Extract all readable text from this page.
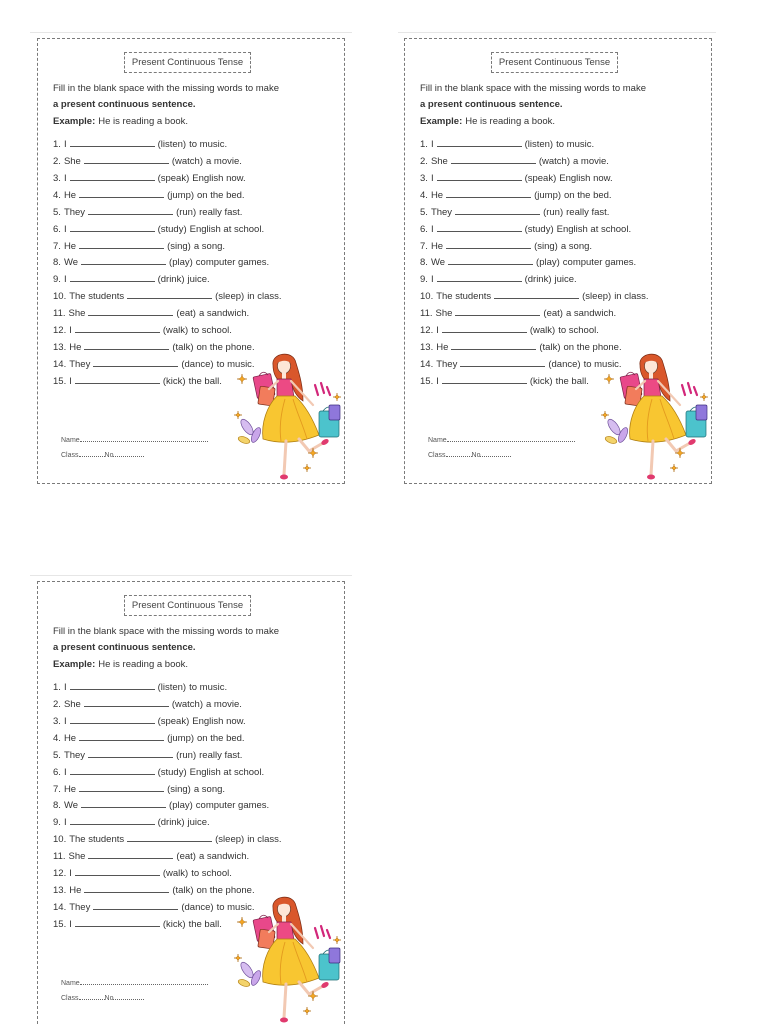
Present Continuous Tense
Fill in the blank space with the missing words to make
a present continuous sentence.
Example: He is reading a book.
1. I	(listen) to music.
2. She	(watch) a movie.
3. I	(speak) English now.
4. He	(jump) on the bed.
5. They	(run) really fast.
6. I	(study) English at school.
7. He	(sing) a song.
8. We	(play) computer games.
9. I	(drink) juice.
10. The students	(sleep) in class.
11. She	(eat) a sandwich.
12. I	(walk) to school.
13. He	(talk) on the phone.
14. They	(dance) to music.
15. I	(kick) the ball.
Name
Class	No
Present Continuous Tense
Fill in the blank space with the missing words to make
a present continuous sentence.
Example: He is reading a book.
1. I	(listen) to music.
2. She	(watch) a movie.
3. I	(speak) English now.
4. He	(jump) on the bed.
5. They	(run) really fast.
6. I	(study) English at school.
7. He	(sing) a song.
8. We	(play) computer games.
9. I	(drink) juice.
10. The students	(sleep) in class.
11. She	(eat) a sandwich.
12. I	(walk) to school.
13. He	(talk) on the phone.
14. They	(dance) to music.
15. I	(kick) the ball.
Name
Class	No
Present Continuous Tense
Fill in the blank space with the missing words to make
a present continuous sentence.
Example: He is reading a book.
1. I	(listen) to music.
2. She	(watch) a movie.
3. I	(speak) English now.
4. He	(jump) on the bed.
5. They	(run) really fast.
6. I	(study) English at school.
7. He	(sing) a song.
8. We	(play) computer games.
9. I	(drink) juice.
10. The students	(sleep) in class.
11. She	(eat) a sandwich.
12. I	(walk) to school.
13. He	(talk) on the phone.
14. They	(dance) to music.
15. I	(kick) the ball.
Name
Class	No
